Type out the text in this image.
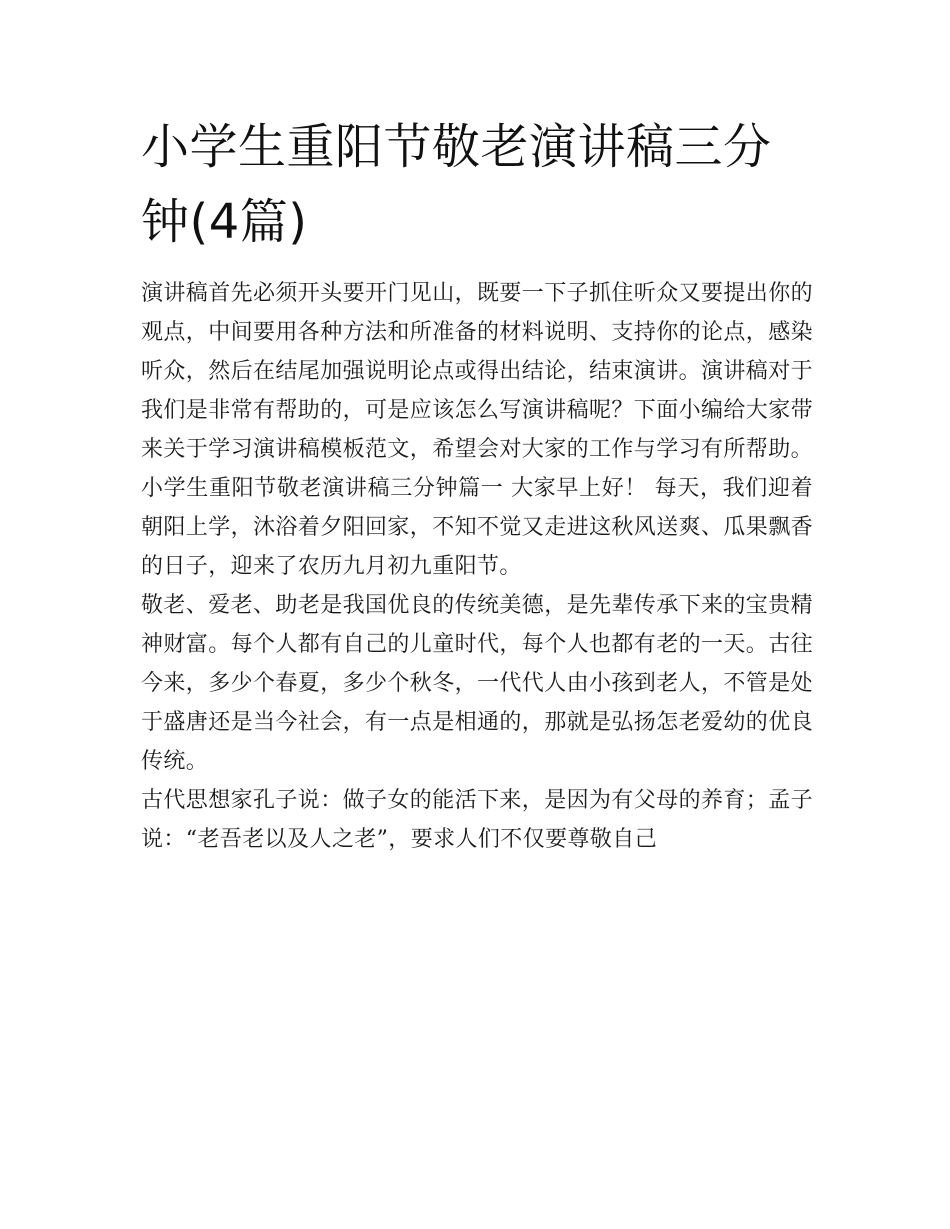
小学生重阳节敬老演讲稿三分钟(4篇)

演讲稿首先必须开头要开门见山，既要一下子抓住听众又要提出你的观点，中间要用各种方法和所准备的材料说明、支持你的论点，感染听众，然后在结尾加强说明论点或得出结论，结束演讲。演讲稿对于我们是非常有帮助的，可是应该怎么写演讲稿呢？下面小编给大家带来关于学习演讲稿模板范文，希望会对大家的工作与学习有所帮助。

小学生重阳节敬老演讲稿三分钟篇一 大家早上好！ 每天，我们迎着朝阳上学，沐浴着夕阳回家，不知不觉又走进这秋风送爽、瓜果飘香的日子，迎来了农历九月初九重阳节。

敬老、爱老、助老是我国优良的传统美德，是先辈传承下来的宝贵精神财富。每个人都有自己的儿童时代，每个人也都有老的一天。古往今来，多少个春夏，多少个秋冬，一代代人由小孩到老人，不管是处于盛唐还是当今社会，有一点是相通的，那就是弘扬怎老爱幼的优良传统。

古代思想家孔子说：做子女的能活下来，是因为有父母的养育；孟子说：“老吾老以及人之老”，要求人们不仅要尊敬自己
